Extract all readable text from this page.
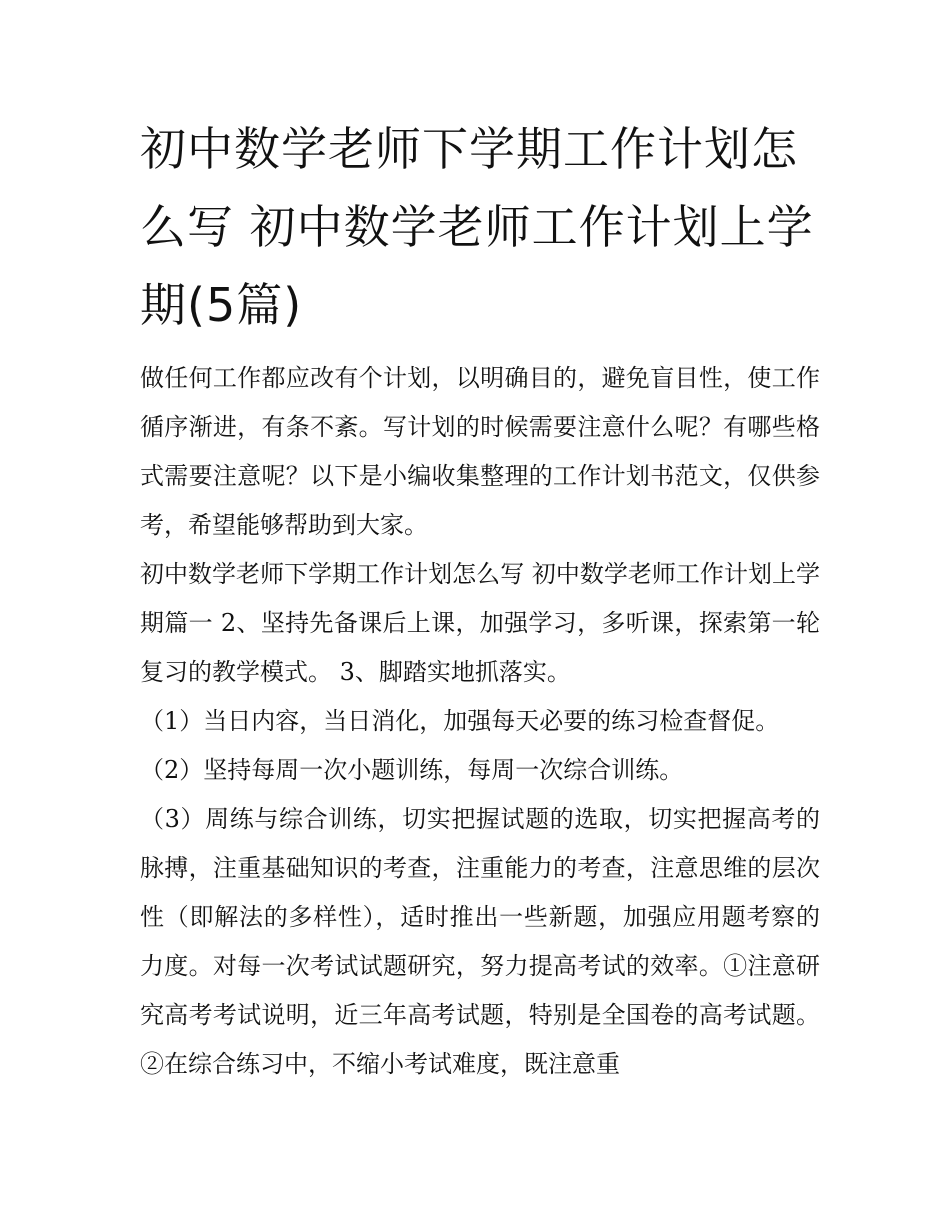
初中数学老师下学期工作计划怎么写 初中数学老师工作计划上学期(5篇)

做任何工作都应改有个计划，以明确目的，避免盲目性，使工作循序渐进，有条不紊。写计划的时候需要注意什么呢？有哪些格式需要注意呢？以下是小编收集整理的工作计划书范文，仅供参考，希望能够帮助到大家。

初中数学老师下学期工作计划怎么写 初中数学老师工作计划上学期篇一 2、坚持先备课后上课，加强学习，多听课，探索第一轮复习的教学模式。 3、脚踏实地抓落实。

（1）当日内容，当日消化，加强每天必要的练习检查督促。

（2）坚持每周一次小题训练，每周一次综合训练。

（3）周练与综合训练，切实把握试题的选取，切实把握高考的脉搏，注重基础知识的考查，注重能力的考查，注意思维的层次性（即解法的多样性），适时推出一些新题，加强应用题考察的力度。对每一次考试试题研究，努力提高考试的效率。①注意研究高考考试说明，近三年高考试题，特别是全国卷的高考试题。 ②在综合练习中，不缩小考试难度，既注意重
